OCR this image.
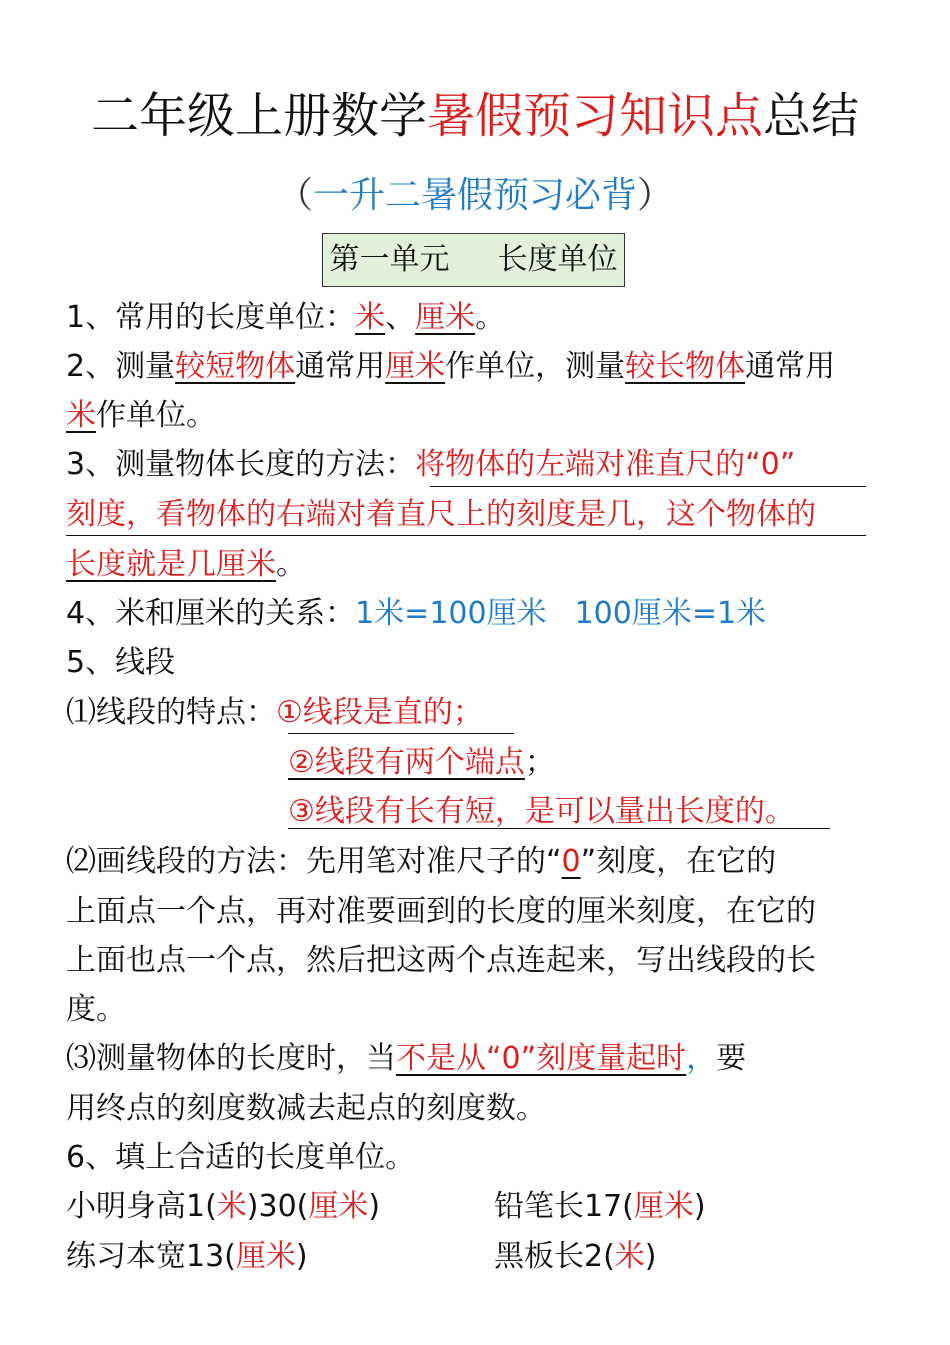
二年级上册数学暑假预习知识点总结
（一升二暑假预习必背）
第一单元 长度单位
1、常用的长度单位：米、厘米。
2、测量较短物体通常用厘米作单位，测量较长物体通常用
米作单位。
3、测量物体长度的方法：将物体的左端对准直尺的“0”
刻度，看物体的右端对着直尺上的刻度是几，这个物体的
长度就是几厘米。
4、米和厘米的关系：1米=100厘米 100厘米=1米
5、线段
⑴线段的特点：①线段是直的；
②线段有两个端点；
③线段有长有短，是可以量出长度的。
⑵画线段的方法：先用笔对准尺子的“0”刻度，在它的
上面点一个点，再对准要画到的长度的厘米刻度，在它的
上面也点一个点，然后把这两个点连起来，写出线段的长
度。
⑶测量物体的长度时，当不是从“0”刻度量起时，要
用终点的刻度数减去起点的刻度数。
6、填上合适的长度单位。
小明身高1(米)30(厘米)	铅笔长17(厘米)
练习本宽13(厘米)	黑板长2(米)
